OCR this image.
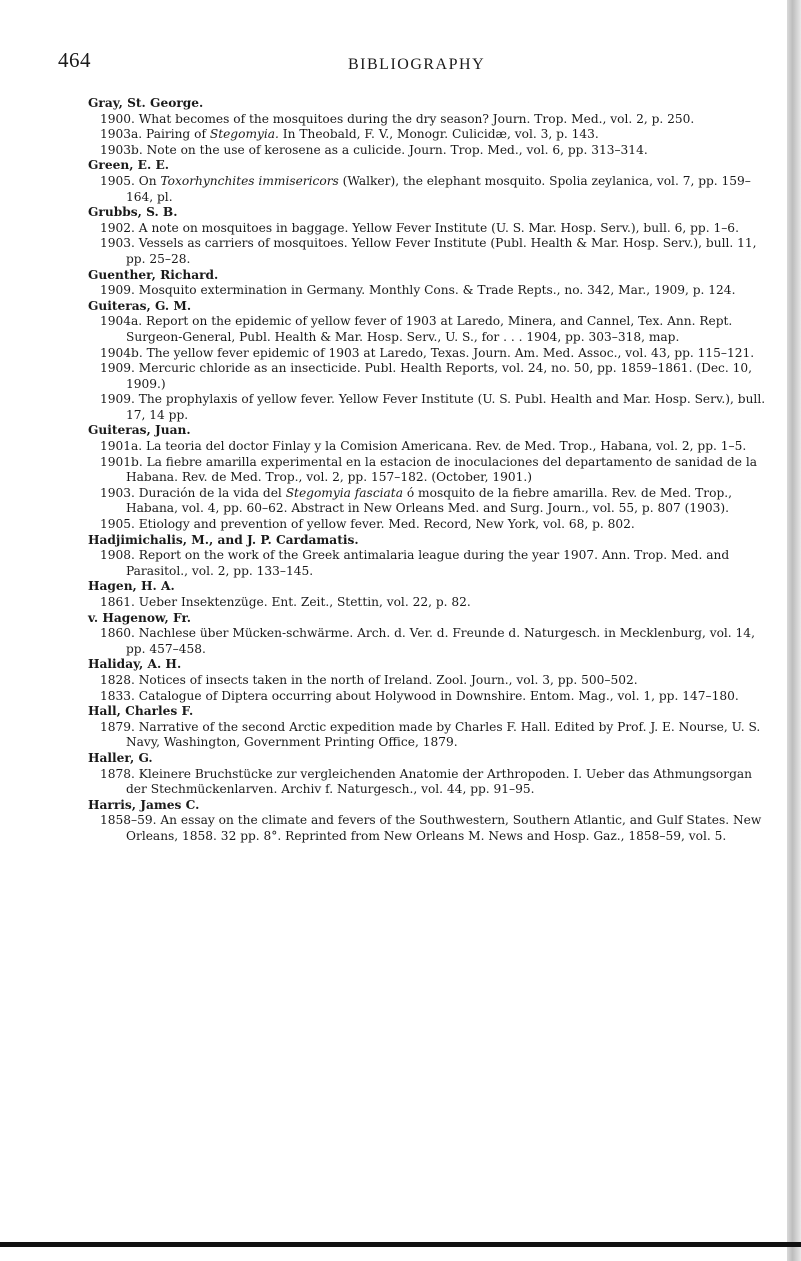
464	BIBLIOGRAPHY
Gray, St. George.

1900. What becomes of the mosquitoes during the dry season? Journ. Trop. Med., vol. 2, p. 250.

1903a. Pairing of Stegomyia. In Theobald, F. V., Monogr. Culicidæ, vol. 3, p. 143.

1903b. Note on the use of kerosene as a culicide. Journ. Trop. Med., vol. 6, pp. 313–314.

Green, E. E.

1905. On Toxorhynchites immisericors (Walker), the elephant mosquito. Spolia zeylanica, vol. 7, pp. 159–164, pl.

Grubbs, S. B.

1902. A note on mosquitoes in baggage. Yellow Fever Institute (U. S. Mar. Hosp. Serv.), bull. 6, pp. 1–6.

1903. Vessels as carriers of mosquitoes. Yellow Fever Institute (Publ. Health & Mar. Hosp. Serv.), bull. 11, pp. 25–28.

Guenther, Richard.

1909. Mosquito extermination in Germany. Monthly Cons. & Trade Repts., no. 342, Mar., 1909, p. 124.

Guiteras, G. M.

1904a. Report on the epidemic of yellow fever of 1903 at Laredo, Minera, and Cannel, Tex. Ann. Rept. Surgeon-General, Publ. Health & Mar. Hosp. Serv., U. S., for . . . 1904, pp. 303–318, map.

1904b. The yellow fever epidemic of 1903 at Laredo, Texas. Journ. Am. Med. Assoc., vol. 43, pp. 115–121.

1909. Mercuric chloride as an insecticide. Publ. Health Reports, vol. 24, no. 50, pp. 1859–1861. (Dec. 10, 1909.)

1909. The prophylaxis of yellow fever. Yellow Fever Institute (U. S. Publ. Health and Mar. Hosp. Serv.), bull. 17, 14 pp.

Guiteras, Juan.

1901a. La teoria del doctor Finlay y la Comision Americana. Rev. de Med. Trop., Habana, vol. 2, pp. 1–5.

1901b. La fiebre amarilla experimental en la estacion de inoculaciones del departamento de sanidad de la Habana. Rev. de Med. Trop., vol. 2, pp. 157–182. (October, 1901.)

1903. Duración de la vida del Stegomyia fasciata ó mosquito de la fiebre amarilla. Rev. de Med. Trop., Habana, vol. 4, pp. 60–62. Abstract in New Orleans Med. and Surg. Journ., vol. 55, p. 807 (1903).

1905. Etiology and prevention of yellow fever. Med. Record, New York, vol. 68, p. 802.

Hadjimichalis, M., and J. P. Cardamatis.

1908. Report on the work of the Greek antimalaria league during the year 1907. Ann. Trop. Med. and Parasitol., vol. 2, pp. 133–145.

Hagen, H. A.

1861. Ueber Insektenzüge. Ent. Zeit., Stettin, vol. 22, p. 82.

v. Hagenow, Fr.

1860. Nachlese über Mücken-schwärme. Arch. d. Ver. d. Freunde d. Naturgesch. in Mecklenburg, vol. 14, pp. 457–458.

Haliday, A. H.

1828. Notices of insects taken in the north of Ireland. Zool. Journ., vol. 3, pp. 500–502.

1833. Catalogue of Diptera occurring about Holywood in Downshire. Entom. Mag., vol. 1, pp. 147–180.

Hall, Charles F.

1879. Narrative of the second Arctic expedition made by Charles F. Hall. Edited by Prof. J. E. Nourse, U. S. Navy, Washington, Government Printing Office, 1879.

Haller, G.

1878. Kleinere Bruchstücke zur vergleichenden Anatomie der Arthropoden. I. Ueber das Athmungsorgan der Stechmückenlarven. Archiv f. Naturgesch., vol. 44, pp. 91–95.

Harris, James C.

1858–59. An essay on the climate and fevers of the Southwestern, Southern Atlantic, and Gulf States. New Orleans, 1858. 32 pp. 8°. Reprinted from New Orleans M. News and Hosp. Gaz., 1858–59, vol. 5.
